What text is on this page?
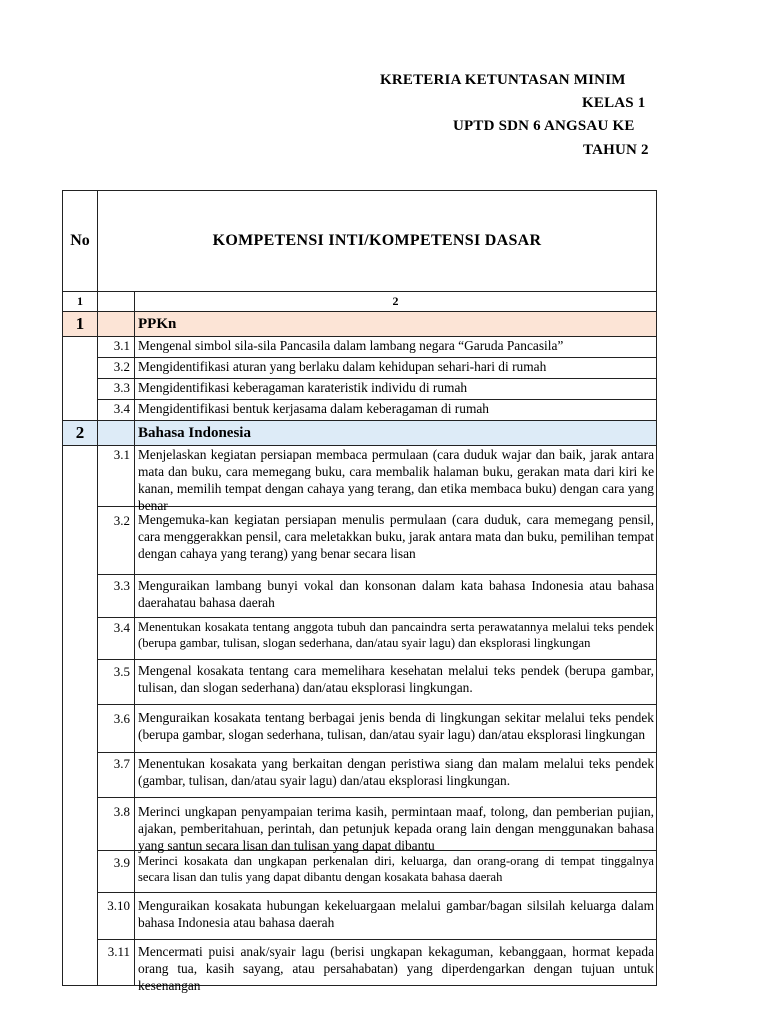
KRETERIA KETUNTASAN MINIM
KELAS 1
UPTD SDN 6 ANGSAU KE
TAHUN 2
No	KOMPETENSI INTI/KOMPETENSI DASAR	
1		2
1		PPKn
	3.1	Mengenal simbol sila-sila Pancasila dalam lambang negara “Garuda Pancasila”
	3.2	Mengidentifikasi aturan yang berlaku dalam kehidupan sehari-hari di rumah
	3.3	Mengidentifikasi keberagaman karateristik individu di rumah
	3.4	Mengidentifikasi bentuk kerjasama dalam keberagaman di rumah
2		Bahasa Indonesia
	3.1	Menjelaskan kegiatan persiapan membaca permulaan (cara duduk wajar dan baik, jarak antara mata dan buku, cara memegang buku, cara membalik halaman buku, gerakan mata dari kiri ke kanan, memilih tempat dengan cahaya yang terang, dan etika membaca buku) dengan cara yang benar

	3.2	Mengemuka-kan kegiatan persiapan menulis permulaan (cara duduk, cara memegang pensil, cara menggerakkan pensil, cara meletakkan buku, jarak antara mata dan buku, pemilihan tempat dengan cahaya yang terang) yang benar secara lisan

	3.3	Menguraikan lambang bunyi vokal dan konsonan dalam kata bahasa Indonesia atau bahasa daerahatau bahasa daerah

	3.4	Menentukan kosakata tentang anggota tubuh dan pancaindra serta perawatannya melalui teks pendek (berupa gambar, tulisan, slogan sederhana, dan/atau syair lagu) dan eksplorasi lingkungan

	3.5	Mengenal kosakata tentang cara memelihara kesehatan melalui teks pendek (berupa gambar, tulisan, dan slogan sederhana) dan/atau eksplorasi lingkungan.

	3.6	Menguraikan kosakata tentang berbagai jenis benda di lingkungan sekitar melalui teks pendek (berupa gambar, slogan sederhana, tulisan, dan/atau syair lagu) dan/atau eksplorasi lingkungan

	3.7	Menentukan kosakata yang berkaitan dengan peristiwa siang dan malam melalui teks pendek (gambar, tulisan, dan/atau syair lagu) dan/atau eksplorasi lingkungan.

	3.8	Merinci ungkapan penyampaian terima kasih, permintaan maaf, tolong, dan pemberian pujian, ajakan, pemberitahuan, perintah, dan petunjuk kepada orang lain dengan menggunakan bahasa yang santun secara lisan dan tulisan yang dapat dibantu

	3.9	Merinci kosakata dan ungkapan perkenalan diri, keluarga, dan orang-orang di tempat tinggalnya secara lisan dan tulis yang dapat dibantu dengan kosakata bahasa daerah

	3.10	Menguraikan kosakata hubungan kekeluargaan melalui gambar/bagan silsilah keluarga dalam bahasa Indonesia atau bahasa daerah

	3.11	Mencermati puisi anak/syair lagu (berisi ungkapan kekaguman, kebanggaan, hormat kepada orang tua, kasih sayang, atau persahabatan) yang diperdengarkan dengan tujuan untuk kesenangan
